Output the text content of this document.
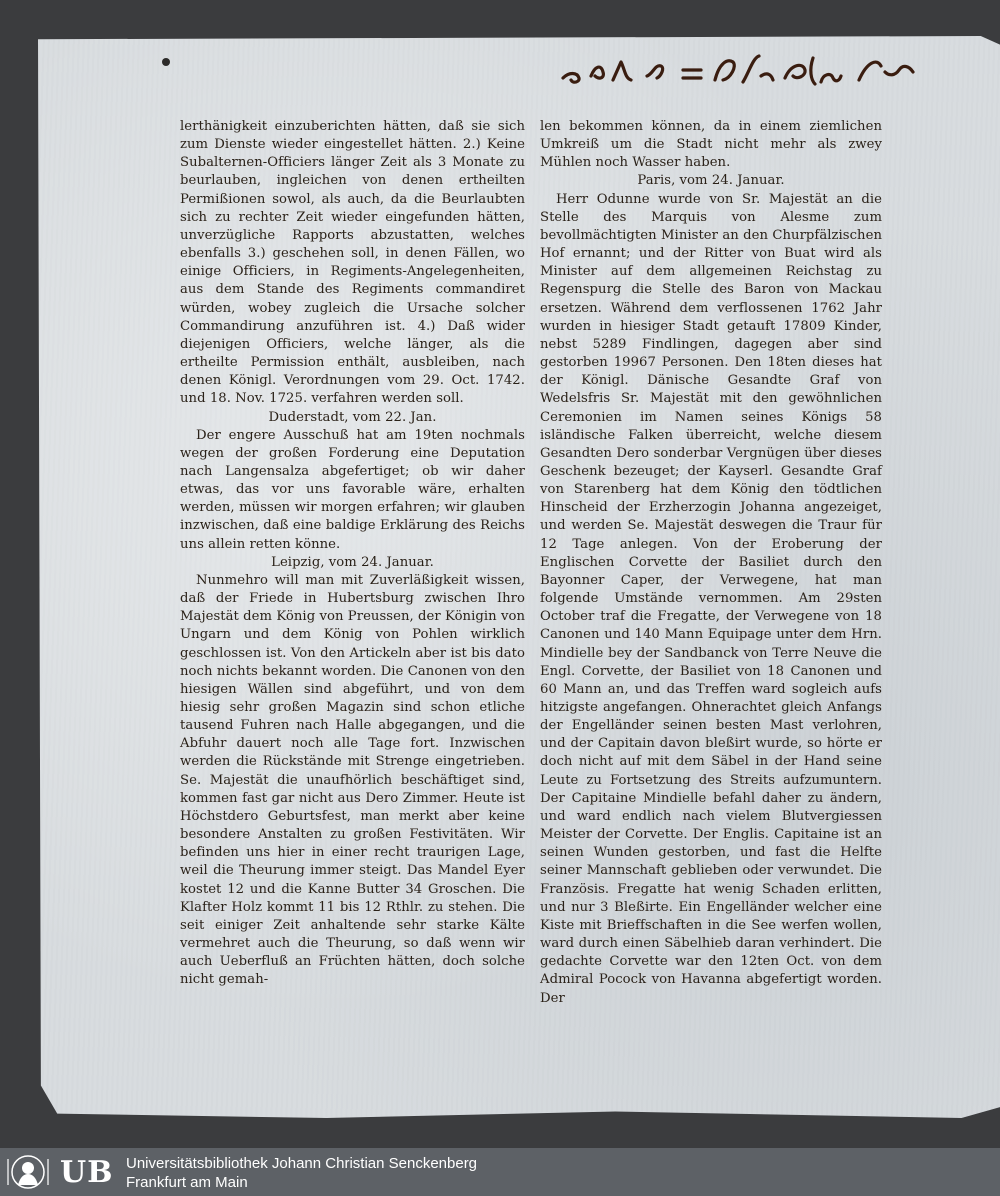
lerthänigkeit einzuberichten hätten, daß sie sich zum Dienste wieder eingestellet hätten. 2.) Keine Subalternen-Officiers länger Zeit als 3 Monate zu beurlauben, ingleichen von denen ertheilten Permißionen sowol, als auch, da die Beurlaubten sich zu rechter Zeit wieder eingefunden hätten, unverzügliche Rapports abzustatten, welches ebenfalls 3.) geschehen soll, in denen Fällen, wo einige Officiers, in Regiments-Angelegenheiten, aus dem Stande des Regiments commandiret würden, wobey zugleich die Ursache solcher Commandirung anzuführen ist. 4.) Daß wider diejenigen Officiers, welche länger, als die ertheilte Permission enthält, ausbleiben, nach denen Königl. Verordnungen vom 29. Oct. 1742. und 18. Nov. 1725. verfahren werden soll.

Duderstadt, vom 22. Jan.

Der engere Ausschuß hat am 19ten nochmals wegen der großen Forderung eine Deputation nach Langensalza abgefertiget; ob wir daher etwas, das vor uns favorable wäre, erhalten werden, müssen wir morgen erfahren; wir glauben inzwischen, daß eine baldige Erklärung des Reichs uns allein retten könne.

Leipzig, vom 24. Januar.

Nunmehro will man mit Zuverläßigkeit wissen, daß der Friede in Hubertsburg zwischen Ihro Majestät dem König von Preussen, der Königin von Ungarn und dem König von Pohlen wirklich geschlossen ist. Von den Artickeln aber ist bis dato noch nichts bekannt worden. Die Canonen von den hiesigen Wällen sind abgeführt, und von dem hiesig sehr großen Magazin sind schon etliche tausend Fuhren nach Halle abgegangen, und die Abfuhr dauert noch alle Tage fort. Inzwischen werden die Rückstände mit Strenge eingetrieben. Se. Majestät die unaufhörlich beschäftiget sind, kommen fast gar nicht aus Dero Zimmer. Heute ist Höchstdero Geburtsfest, man merkt aber keine besondere Anstalten zu großen Festivitäten. Wir befinden uns hier in einer recht traurigen Lage, weil die Theurung immer steigt. Das Mandel Eyer kostet 12 und die Kanne Butter 34 Groschen. Die Klafter Holz kommt 11 bis 12 Rthlr. zu stehen. Die seit einiger Zeit anhaltende sehr starke Kälte vermehret auch die Theurung, so daß wenn wir auch Ueberfluß an Früchten hätten, doch solche nicht gemah-

len bekommen können, da in einem ziemlichen Umkreiß um die Stadt nicht mehr als zwey Mühlen noch Wasser haben.

Paris, vom 24. Januar.

Herr Odunne wurde von Sr. Majestät an die Stelle des Marquis von Alesme zum bevollmächtigten Minister an den Churpfälzischen Hof ernannt; und der Ritter von Buat wird als Minister auf dem allgemeinen Reichstag zu Regenspurg die Stelle des Baron von Mackau ersetzen. Während dem verflossenen 1762 Jahr wurden in hiesiger Stadt getauft 17809 Kinder, nebst 5289 Findlingen, dagegen aber sind gestorben 19967 Personen. Den 18ten dieses hat der Königl. Dänische Gesandte Graf von Wedelsfris Sr. Majestät mit den gewöhnlichen Ceremonien im Namen seines Königs 58 isländische Falken überreicht, welche diesem Gesandten Dero sonderbar Vergnügen über dieses Geschenk bezeuget; der Kayserl. Gesandte Graf von Starenberg hat dem König den tödtlichen Hinscheid der Erzherzogin Johanna angezeiget, und werden Se. Majestät deswegen die Traur für 12 Tage anlegen. Von der Eroberung der Englischen Corvette der Basiliet durch den Bayonner Caper, der Verwegene, hat man folgende Umstände vernommen. Am 29sten October traf die Fregatte, der Verwegene von 18 Canonen und 140 Mann Equipage unter dem Hrn. Mindielle bey der Sandbanck von Terre Neuve die Engl. Corvette, der Basiliet von 18 Canonen und 60 Mann an, und das Treffen ward sogleich aufs hitzigste angefangen. Ohnerachtet gleich Anfangs der Engelländer seinen besten Mast verlohren, und der Capitain davon bleßirt wurde, so hörte er doch nicht auf mit dem Säbel in der Hand seine Leute zu Fortsetzung des Streits aufzumuntern. Der Capitaine Mindielle befahl daher zu ändern, und ward endlich nach vielem Blutvergiessen Meister der Corvette. Der Englis. Capitaine ist an seinen Wunden gestorben, und fast die Helfte seiner Mannschaft geblieben oder verwundet. Die Französis. Fregatte hat wenig Schaden erlitten, und nur 3 Bleßirte. Ein Engelländer welcher eine Kiste mit Brieffschaften in die See werfen wollen, ward durch einen Säbelhieb daran verhindert. Die gedachte Corvette war den 12ten Oct. von dem Admiral Pocock von Havanna abgefertigt worden. Der

UB Universitätsbibliothek Johann Christian Senckenberg
Frankfurt am Main
